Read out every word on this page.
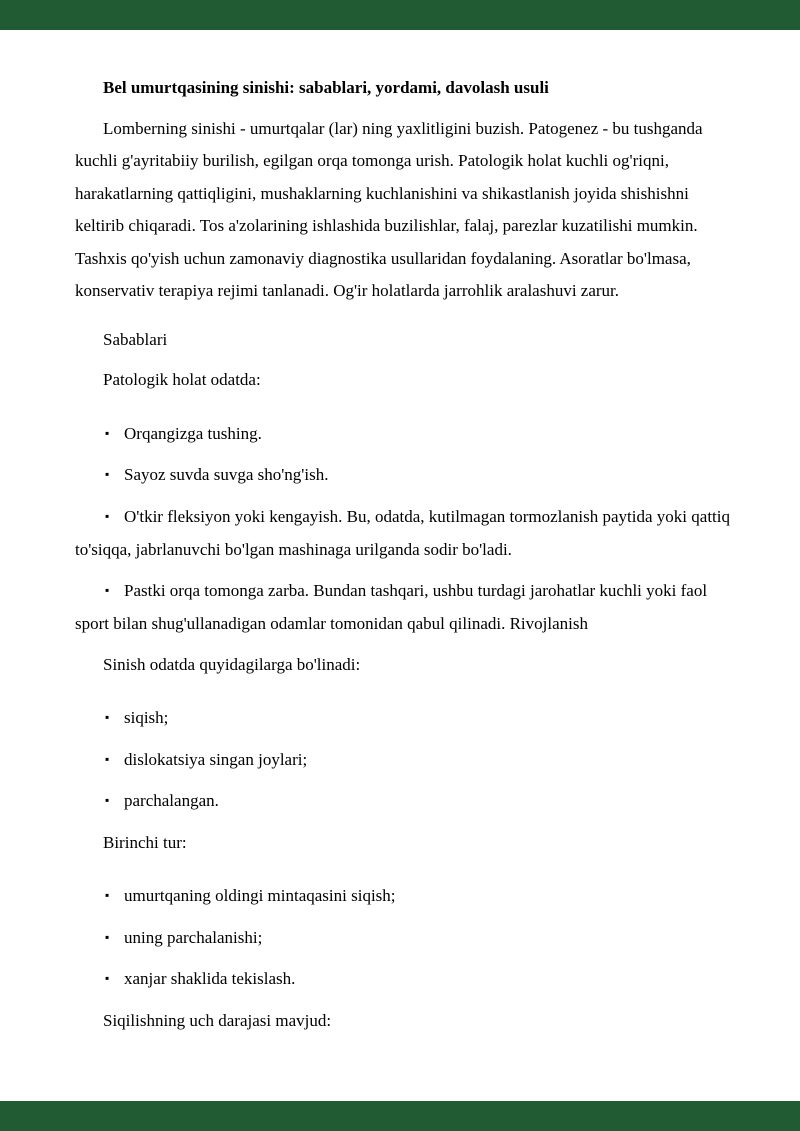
Bel umurtqasining sinishi: sabablari, yordami, davolash usuli

Lomberning sinishi - umurtqalar (lar) ning yaxlitligini buzish. Patogenez - bu tushganda kuchli g'ayritabiiy burilish, egilgan orqa tomonga urish. Patologik holat kuchli og'riqni, harakatlarning qattiqligini, mushaklarning kuchlanishini va shikastlanish joyida shishishni keltirib chiqaradi. Tos a'zolarining ishlashida buzilishlar, falaj, parezlar kuzatilishi mumkin. Tashxis qo'yish uchun zamonaviy diagnostika usullaridan foydalaning. Asoratlar bo'lmasa, konservativ terapiya rejimi tanlanadi. Og'ir holatlarda jarrohlik aralashuvi zarur.

Sabablari

Patologik holat odatda:

Orqangizga tushing.

Sayoz suvda suvga sho'ng'ish.

O'tkir fleksiyon yoki kengayish. Bu, odatda, kutilmagan tormozlanish paytida yoki qattiq to'siqqa, jabrlanuvchi bo'lgan mashinaga urilganda sodir bo'ladi.

Pastki orqa tomonga zarba. Bundan tashqari, ushbu turdagi jarohatlar kuchli yoki faol sport bilan shug'ullanadigan odamlar tomonidan qabul qilinadi. Rivojlanish

Sinish odatda quyidagilarga bo'linadi:

siqish;

dislokatsiya singan joylari;

parchalangan.

Birinchi tur:

umurtqaning oldingi mintaqasini siqish;

uning parchalanishi;

xanjar shaklida tekislash.

Siqilishning uch darajasi mavjud:
